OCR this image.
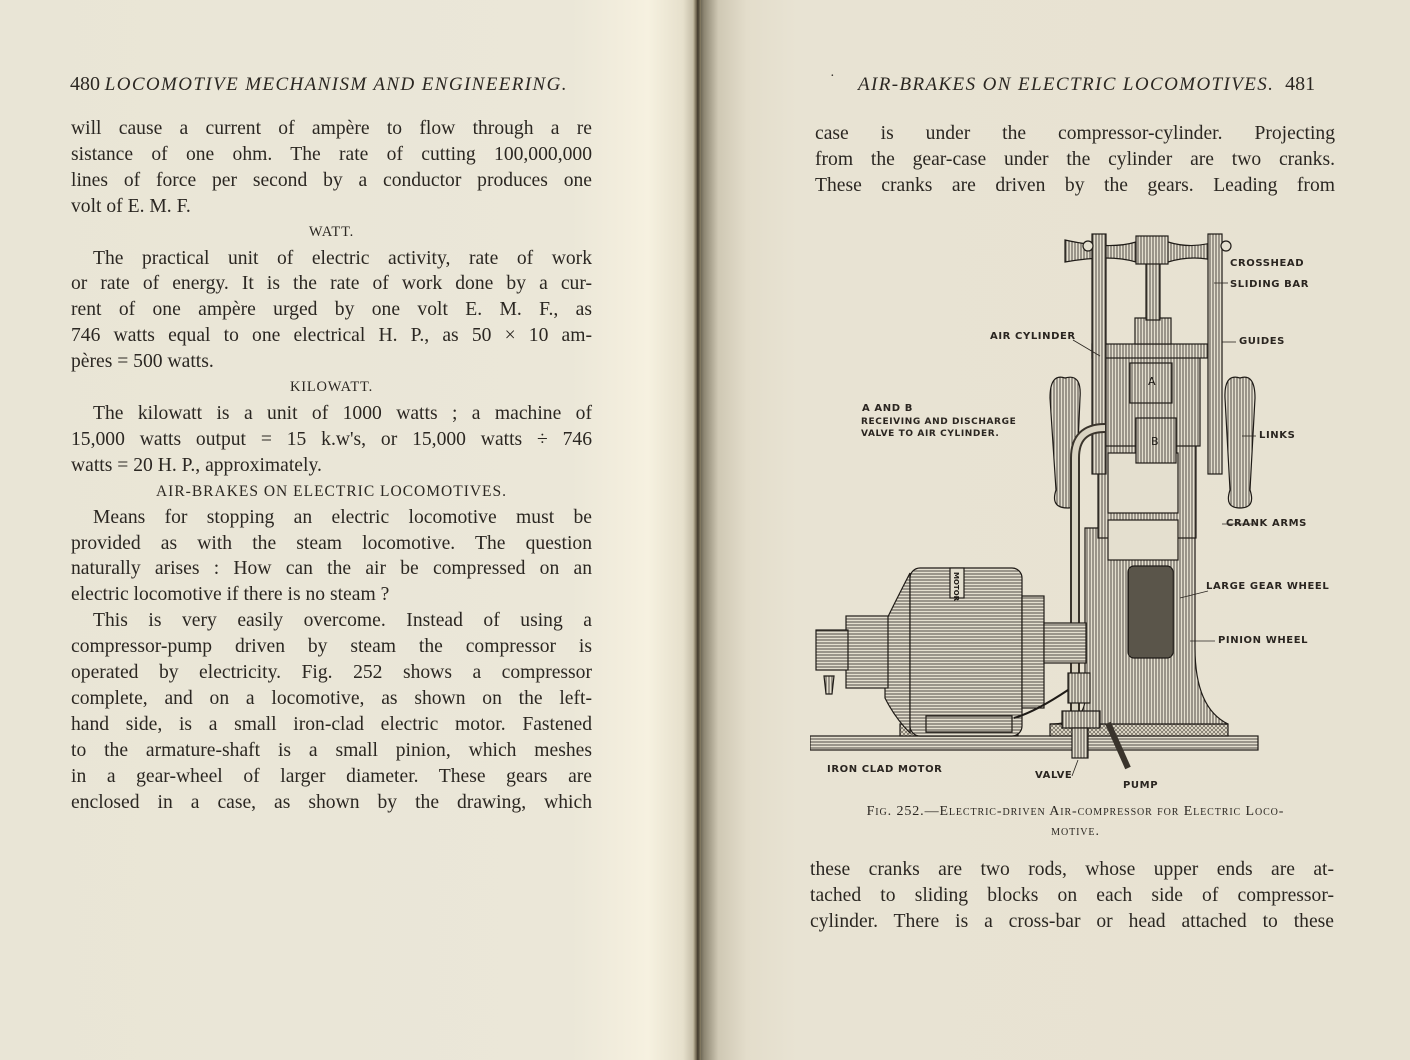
480 LOCOMOTIVE MECHANISM AND ENGINEERING.

will cause a current of ampère to flow through a re
sistance of one ohm. The rate of cutting 100,000,000
lines of force per second by a conductor produces one
volt of E. M. F.

WATT.

The practical unit of electric activity, rate of work
or rate of energy. It is the rate of work done by a cur-
rent of one ampère urged by one volt E. M. F., as
746 watts equal to one electrical H. P., as 50 × 10 am-
pères = 500 watts.

KILOWATT.

The kilowatt is a unit of 1000 watts ; a machine of
15,000 watts output = 15 k.w's, or 15,000 watts ÷ 746
watts = 20 H. P., approximately.

AIR-BRAKES ON ELECTRIC LOCOMOTIVES.

Means for stopping an electric locomotive must be
provided as with the steam locomotive. The question
naturally arises : How can the air be compressed on an
electric locomotive if there is no steam ?

This is very easily overcome. Instead of using a
compressor-pump driven by steam the compressor is
operated by electricity. Fig. 252 shows a compressor
complete, and on a locomotive, as shown on the left-
hand side, is a small iron-clad electric motor. Fastened
to the armature-shaft is a small pinion, which meshes
in a gear-wheel of larger diameter. These gears are
enclosed in a case, as shown by the drawing, which

· AIR-BRAKES ON ELECTRIC LOCOMOTIVES. 481
case is under the compressor-cylinder. Projecting
from the gear-case under the cylinder are two cranks.
These cranks are driven by the gears. Leading from
MOTOR
A
B
CROSSHEAD
SLIDING BAR
AIR CYLINDER	GUIDES
A AND B
RECEIVING AND DISCHARGE
VALVE TO AIR CYLINDER.	LINKS
CRANK ARMS
LARGE GEAR WHEEL
PINION WHEEL
IRON CLAD MOTOR
VALVE
PUMP
Fig. 252.—Electric-driven Air-compressor for Electric Loco-
motive.
these cranks are two rods, whose upper ends are at-
tached to sliding blocks on each side of compressor-
cylinder. There is a cross-bar or head attached to these
